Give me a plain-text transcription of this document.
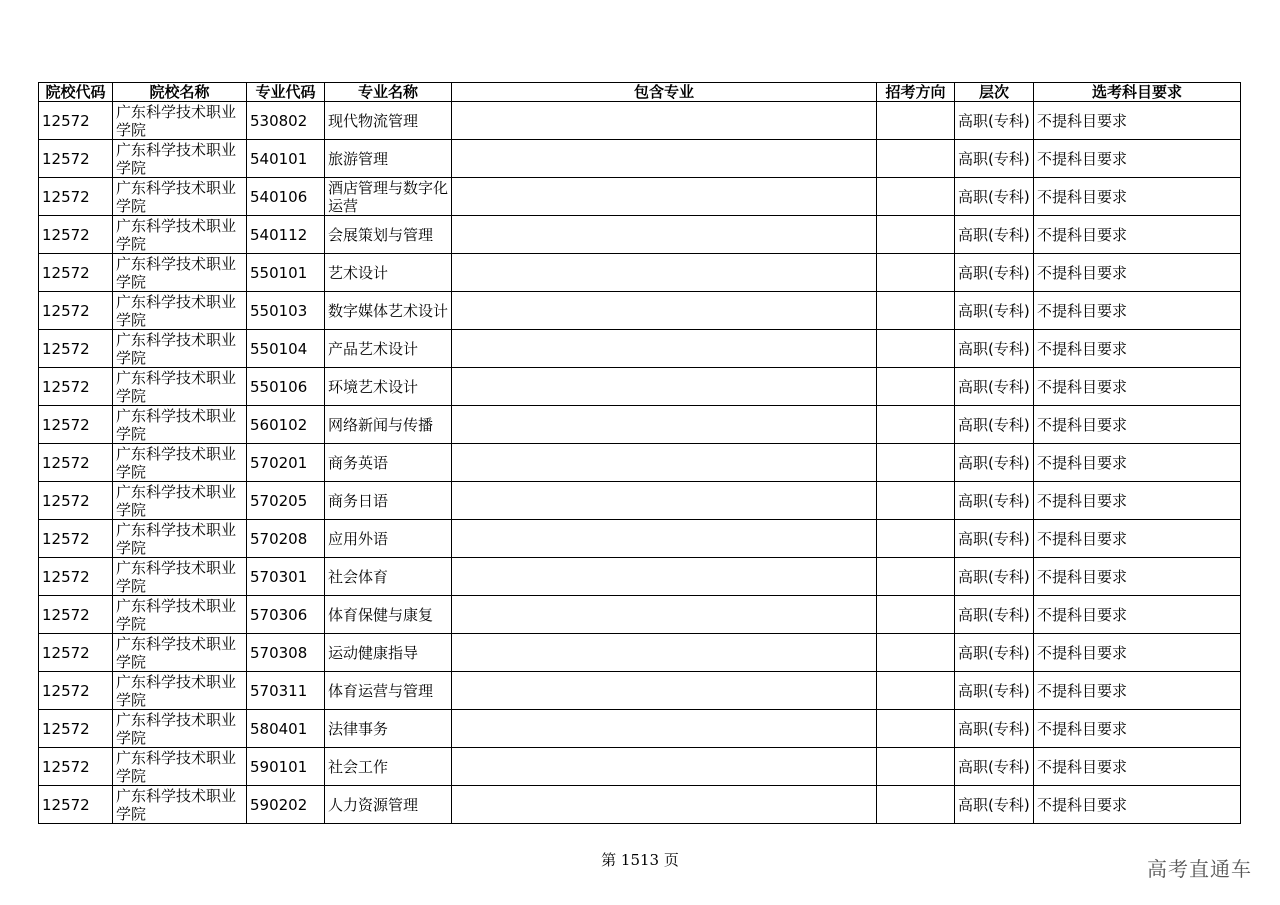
院校代码	院校名称	专业代码	专业名称	包含专业	招考方向	层次	选考科目要求
12572	广东科学技术职业学院	530802	现代物流管理			高职(专科)	不提科目要求
12572	广东科学技术职业学院	540101	旅游管理			高职(专科)	不提科目要求
12572	广东科学技术职业学院	540106	酒店管理与数字化运营			高职(专科)	不提科目要求
12572	广东科学技术职业学院	540112	会展策划与管理			高职(专科)	不提科目要求
12572	广东科学技术职业学院	550101	艺术设计			高职(专科)	不提科目要求
12572	广东科学技术职业学院	550103	数字媒体艺术设计			高职(专科)	不提科目要求
12572	广东科学技术职业学院	550104	产品艺术设计			高职(专科)	不提科目要求
12572	广东科学技术职业学院	550106	环境艺术设计			高职(专科)	不提科目要求
12572	广东科学技术职业学院	560102	网络新闻与传播			高职(专科)	不提科目要求
12572	广东科学技术职业学院	570201	商务英语			高职(专科)	不提科目要求
12572	广东科学技术职业学院	570205	商务日语			高职(专科)	不提科目要求
12572	广东科学技术职业学院	570208	应用外语			高职(专科)	不提科目要求
12572	广东科学技术职业学院	570301	社会体育			高职(专科)	不提科目要求
12572	广东科学技术职业学院	570306	体育保健与康复			高职(专科)	不提科目要求
12572	广东科学技术职业学院	570308	运动健康指导			高职(专科)	不提科目要求
12572	广东科学技术职业学院	570311	体育运营与管理			高职(专科)	不提科目要求
12572	广东科学技术职业学院	580401	法律事务			高职(专科)	不提科目要求
12572	广东科学技术职业学院	590101	社会工作			高职(专科)	不提科目要求
12572	广东科学技术职业学院	590202	人力资源管理			高职(专科)	不提科目要求
第 1513 页	高考直通车
